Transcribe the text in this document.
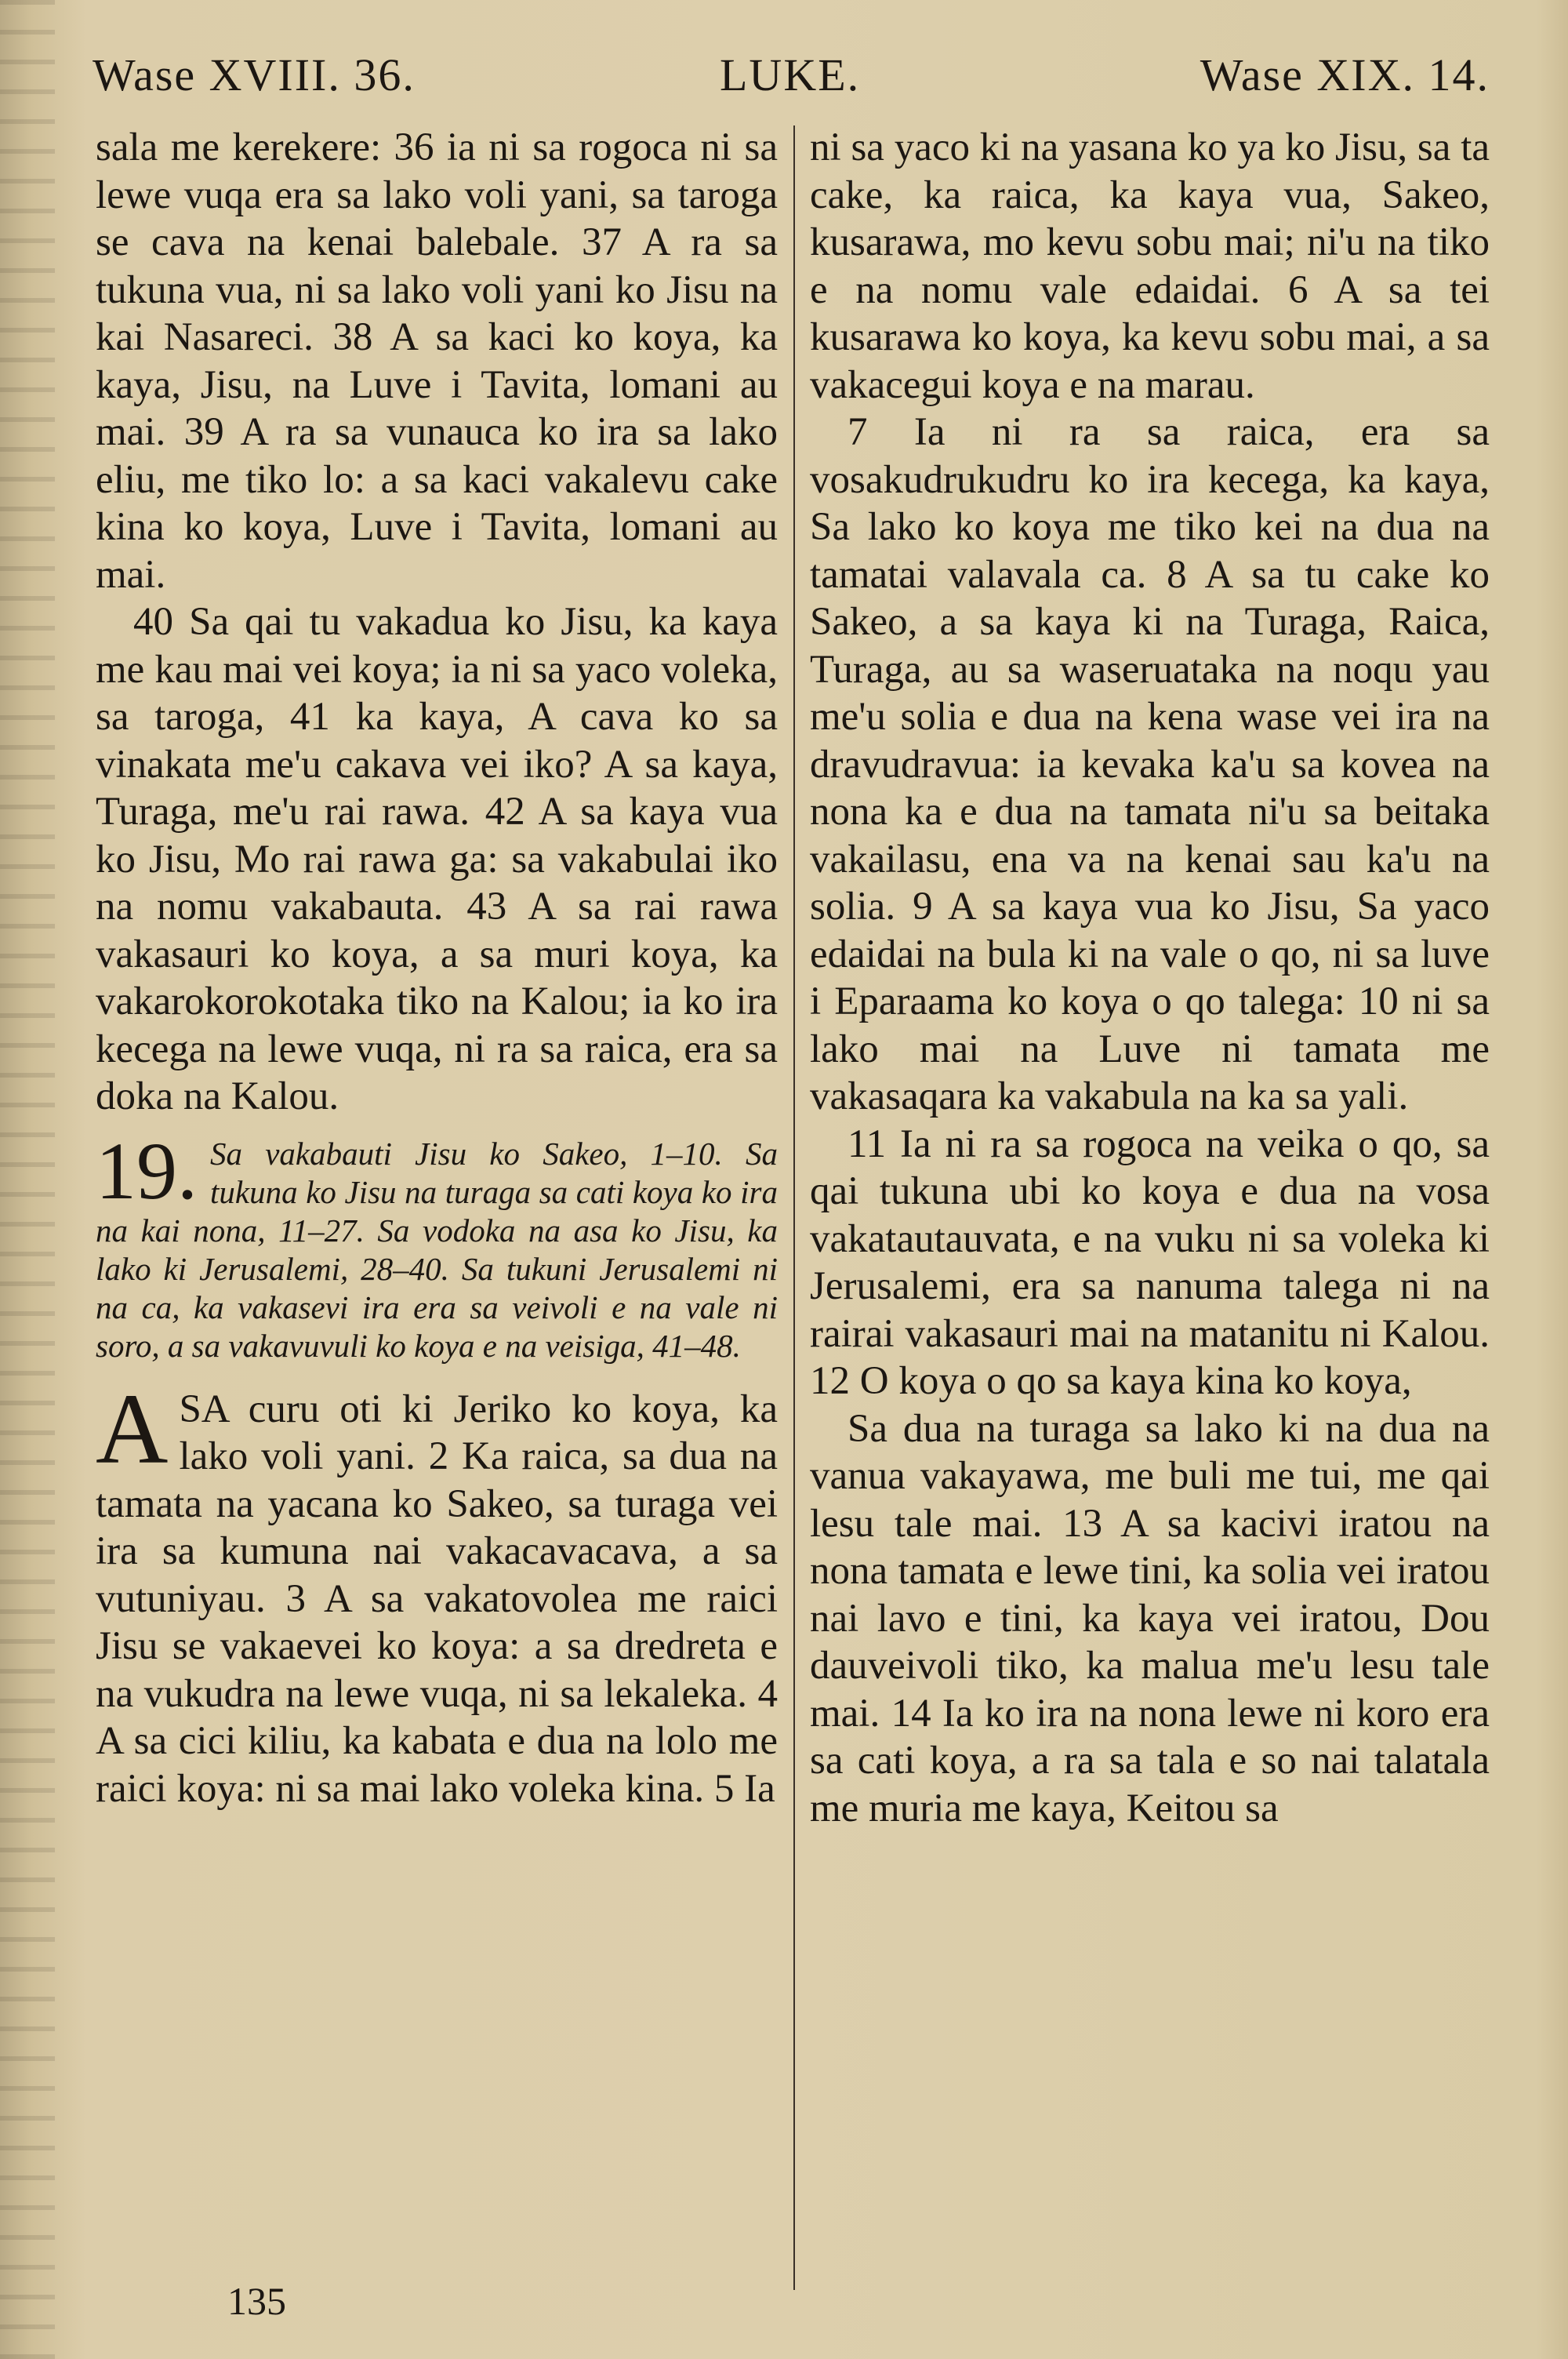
Wase XVIII. 36.	LUKE.	Wase XIX. 14.

sala me kerekere: 36 ia ni sa rogoca ni sa lewe vuqa era sa lako voli yani, sa taroga se cava na kenai balebale. 37 A ra sa tukuna vua, ni sa lako voli yani ko Jisu na kai Nasareci. 38 A sa kaci ko koya, ka kaya, Jisu, na Luve i Tavita, lomani au mai. 39 A ra sa vunauca ko ira sa lako eliu, me tiko lo: a sa kaci vakalevu cake kina ko koya, Luve i Tavita, lomani au mai.

40 Sa qai tu vakadua ko Jisu, ka kaya me kau mai vei koya; ia ni sa yaco voleka, sa taroga, 41 ka kaya, A cava ko sa vinakata me'u cakava vei iko? A sa kaya, Turaga, me'u rai rawa. 42 A sa kaya vua ko Jisu, Mo rai rawa ga: sa vakabulai iko na nomu vakabauta. 43 A sa rai rawa vakasauri ko koya, a sa muri koya, ka vakarokorokotaka tiko na Kalou; ia ko ira kecega na lewe vuqa, ni ra sa raica, era sa doka na Kalou.

19. Sa vakabauti Jisu ko Sakeo, 1–10. Sa tukuna ko Jisu na turaga sa cati koya ko ira na kai nona, 11–27. Sa vodoka na asa ko Jisu, ka lako ki Jerusalemi, 28–40. Sa tukuni Jerusalemi ni na ca, ka vakasevi ira era sa veivoli e na vale ni soro, a sa vakavuvuli ko koya e na veisiga, 41–48.

ASA curu oti ki Jeriko ko koya, ka lako voli yani. 2 Ka raica, sa dua na tamata na yacana ko Sakeo, sa turaga vei ira sa kumuna nai vakacavacava, a sa vutuniyau. 3 A sa vakatovolea me raici Jisu se vakaevei ko koya: a sa dredreta e na vukudra na lewe vuqa, ni sa lekaleka. 4 A sa cici kiliu, ka kabata e dua na lolo me raici koya: ni sa mai lako voleka kina. 5 Ia

ni sa yaco ki na yasana ko ya ko Jisu, sa ta cake, ka raica, ka kaya vua, Sakeo, kusarawa, mo kevu sobu mai; ni'u na tiko e na nomu vale edaidai. 6 A sa tei kusarawa ko koya, ka kevu sobu mai, a sa vakacegui koya e na marau.

7 Ia ni ra sa raica, era sa vosakudrukudru ko ira kecega, ka kaya, Sa lako ko koya me tiko kei na dua na tamatai valavala ca. 8 A sa tu cake ko Sakeo, a sa kaya ki na Turaga, Raica, Turaga, au sa waseruataka na noqu yau me'u solia e dua na kena wase vei ira na dravudravua: ia kevaka ka'u sa kovea na nona ka e dua na tamata ni'u sa beitaka vakailasu, ena va na kenai sau ka'u na solia. 9 A sa kaya vua ko Jisu, Sa yaco edaidai na bula ki na vale o qo, ni sa luve i Eparaama ko koya o qo talega: 10 ni sa lako mai na Luve ni tamata me vakasaqara ka vakabula na ka sa yali.

11 Ia ni ra sa rogoca na veika o qo, sa qai tukuna ubi ko koya e dua na vosa vakatautauvata, e na vuku ni sa voleka ki Jerusalemi, era sa nanuma talega ni na rairai vakasauri mai na matanitu ni Kalou. 12 O koya o qo sa kaya kina ko koya,

Sa dua na turaga sa lako ki na dua na vanua vakayawa, me buli me tui, me qai lesu tale mai. 13 A sa kacivi iratou na nona tamata e lewe tini, ka solia vei iratou nai lavo e tini, ka kaya vei iratou, Dou dauveivoli tiko, ka malua me'u lesu tale mai. 14 Ia ko ira na nona lewe ni koro era sa cati koya, a ra sa tala e so nai talatala me muria me kaya, Keitou sa

135
